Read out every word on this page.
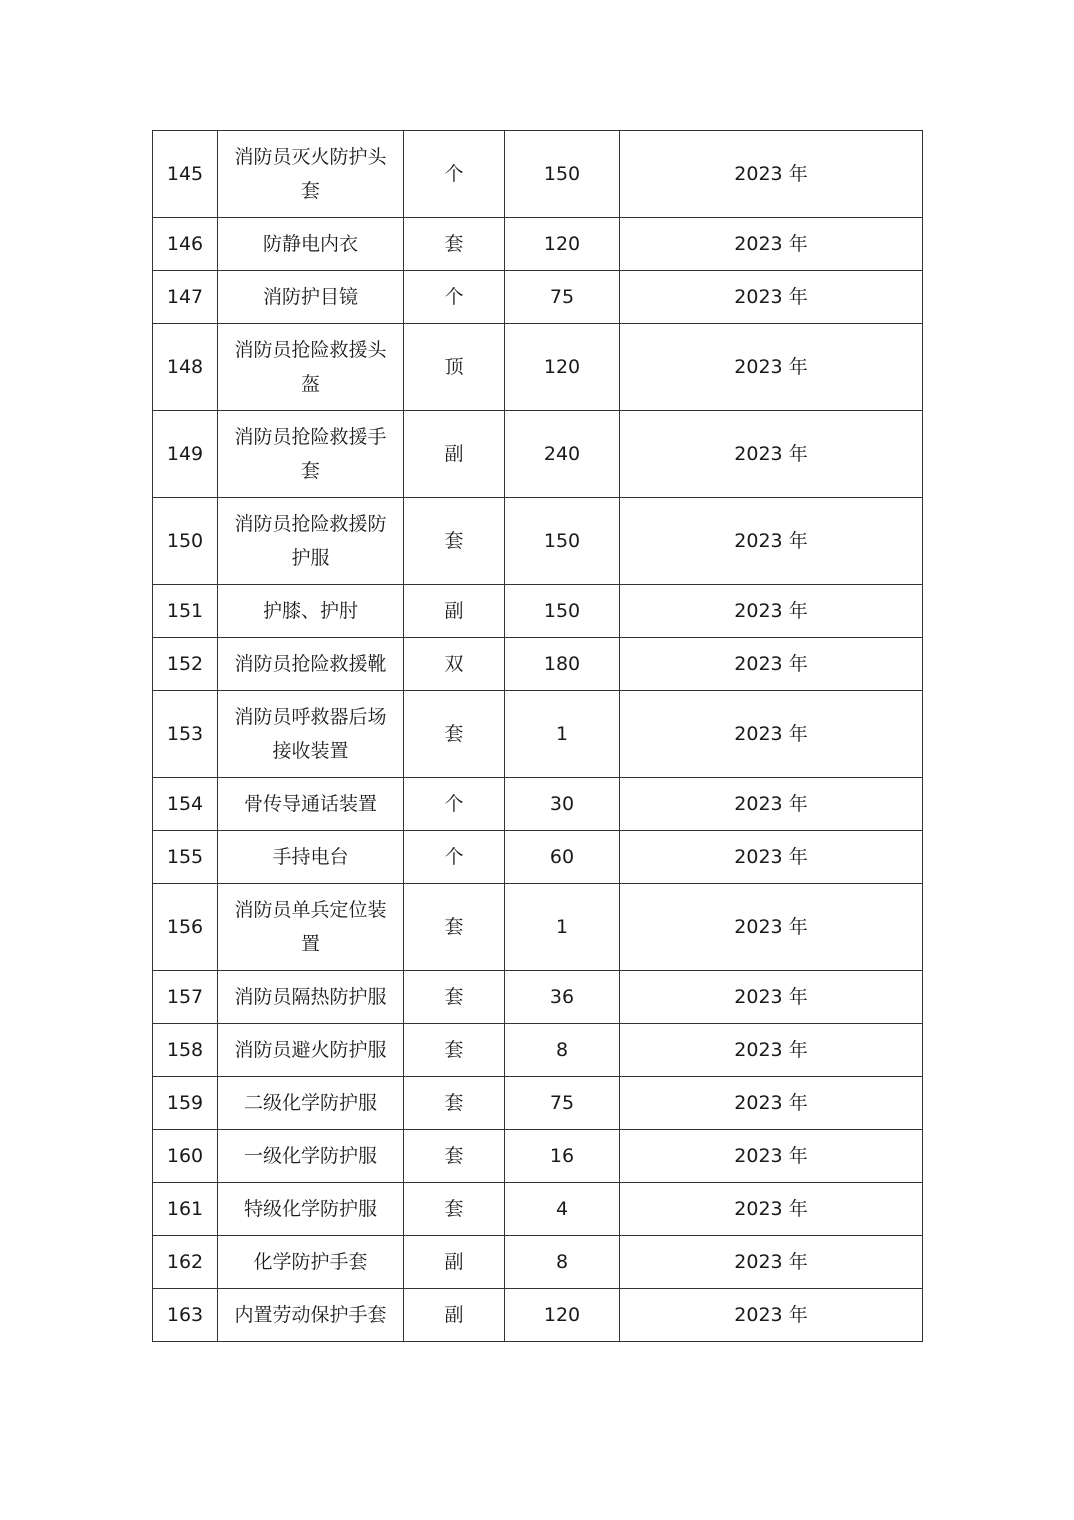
145	消防员灭火防护头套	个	150	2023 年
146	防静电内衣	套	120	2023 年
147	消防护目镜	个	75	2023 年
148	消防员抢险救援头盔	顶	120	2023 年
149	消防员抢险救援手套	副	240	2023 年
150	消防员抢险救援防护服	套	150	2023 年
151	护膝、护肘	副	150	2023 年
152	消防员抢险救援靴	双	180	2023 年
153	消防员呼救器后场接收装置	套	1	2023 年
154	骨传导通话装置	个	30	2023 年
155	手持电台	个	60	2023 年
156	消防员单兵定位装置	套	1	2023 年
157	消防员隔热防护服	套	36	2023 年
158	消防员避火防护服	套	8	2023 年
159	二级化学防护服	套	75	2023 年
160	一级化学防护服	套	16	2023 年
161	特级化学防护服	套	4	2023 年
162	化学防护手套	副	8	2023 年
163	内置劳动保护手套	副	120	2023 年
